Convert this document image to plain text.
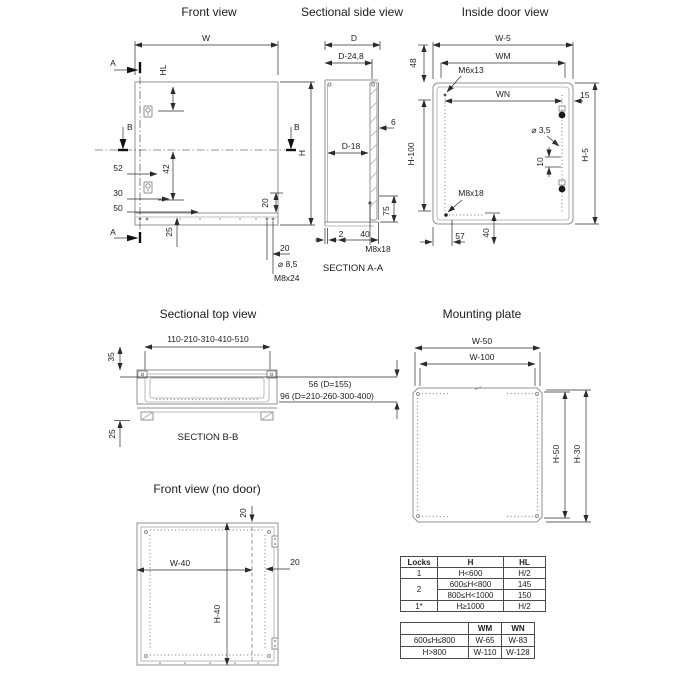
Front view
A
A
B	B
W
H
HL
42
52
30
50
25
20
20
⌀ 8,5
M8x24
Sectional side view
D
D-24,8
6
D-18
75
2 40
M8x18
SECTION A-A
Inside door view
W-5
WM
48
M6x13
WN	15
⌀ 3,5
10
H-100	H-5
M8x18
57 40
Sectional top view
110-210-310-410-510
35
56 (D=155)
96 (D=210-260-300-400)
25	SECTION B-B
Mounting plate
W-50
W-100
H-50 H-30
Front view (no door)
20
W-40	20
H-40
Locks	H	HL
1	H<600	H/2
2	600≤H<800	145
	800≤H<1000	150
1*	H≥1000	H/2
	WM	WN
600≤H≤800	W-65	W-83
H>800	W-110	W-128
